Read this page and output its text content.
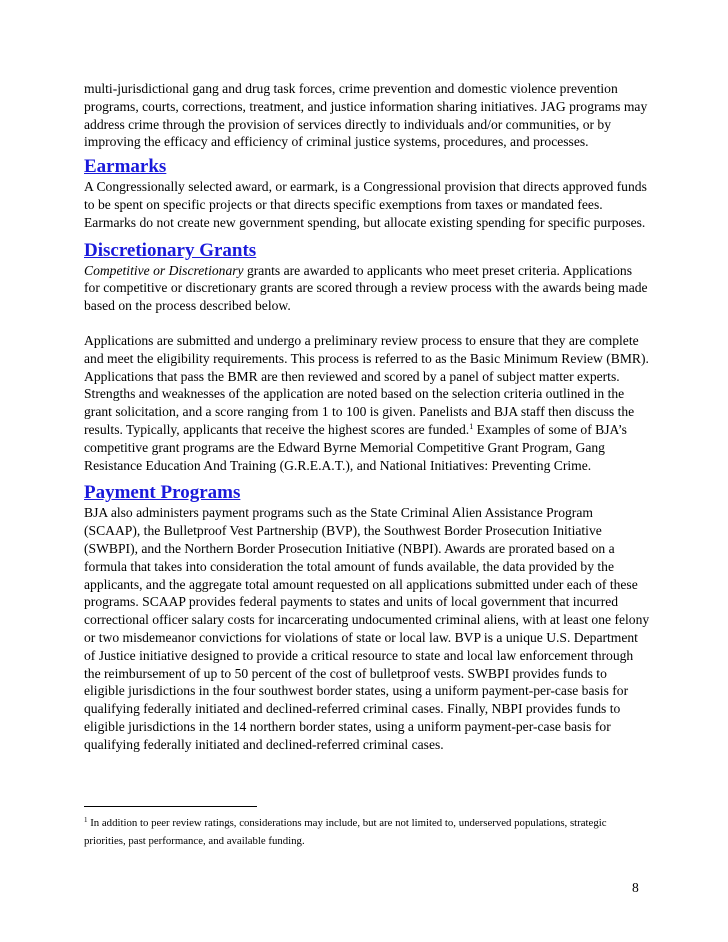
multi-jurisdictional gang and drug task forces, crime prevention and domestic violence prevention programs, courts, corrections, treatment, and justice information sharing initiatives. JAG programs may address crime through the provision of services directly to individuals and/or communities, or by improving the efficacy and efficiency of criminal justice systems, procedures, and processes.

Earmarks

A Congressionally selected award, or earmark, is a Congressional provision that directs approved funds to be spent on specific projects or that directs specific exemptions from taxes or mandated fees. Earmarks do not create new government spending, but allocate existing spending for specific purposes.

Discretionary Grants

Competitive or Discretionary grants are awarded to applicants who meet preset criteria. Applications for competitive or discretionary grants are scored through a review process with the awards being made based on the process described below.

Applications are submitted and undergo a preliminary review process to ensure that they are complete and meet the eligibility requirements. This process is referred to as the Basic Minimum Review (BMR). Applications that pass the BMR are then reviewed and scored by a panel of subject matter experts. Strengths and weaknesses of the application are noted based on the selection criteria outlined in the grant solicitation, and a score ranging from 1 to 100 is given. Panelists and BJA staff then discuss the results. Typically, applicants that receive the highest scores are funded.$^1$ Examples of some of BJA’s competitive grant programs are the Edward Byrne Memorial Competitive Grant Program, Gang Resistance Education And Training (G.R.E.A.T.), and National Initiatives: Preventing Crime.

Payment Programs

BJA also administers payment programs such as the State Criminal Alien Assistance Program (SCAAP), the Bulletproof Vest Partnership (BVP), the Southwest Border Prosecution Initiative (SWBPI), and the Northern Border Prosecution Initiative (NBPI). Awards are prorated based on a formula that takes into consideration the total amount of funds available, the data provided by the applicants, and the aggregate total amount requested on all applications submitted under each of these programs. SCAAP provides federal payments to states and units of local government that incurred correctional officer salary costs for incarcerating undocumented criminal aliens, with at least one felony or two misdemeanor convictions for violations of state or local law. BVP is a unique U.S. Department of Justice initiative designed to provide a critical resource to state and local law enforcement through the reimbursement of up to 50 percent of the cost of bulletproof vests. SWBPI provides funds to eligible jurisdictions in the four southwest border states, using a uniform payment-per-case basis for qualifying federally initiated and declined-referred criminal cases. Finally, NBPI provides funds to eligible jurisdictions in the 14 northern border states, using a uniform payment-per-case basis for qualifying federally initiated and declined-referred criminal cases.

$^1$ In addition to peer review ratings, considerations may include, but are not limited to, underserved populations, strategic priorities, past performance, and available funding.
8
